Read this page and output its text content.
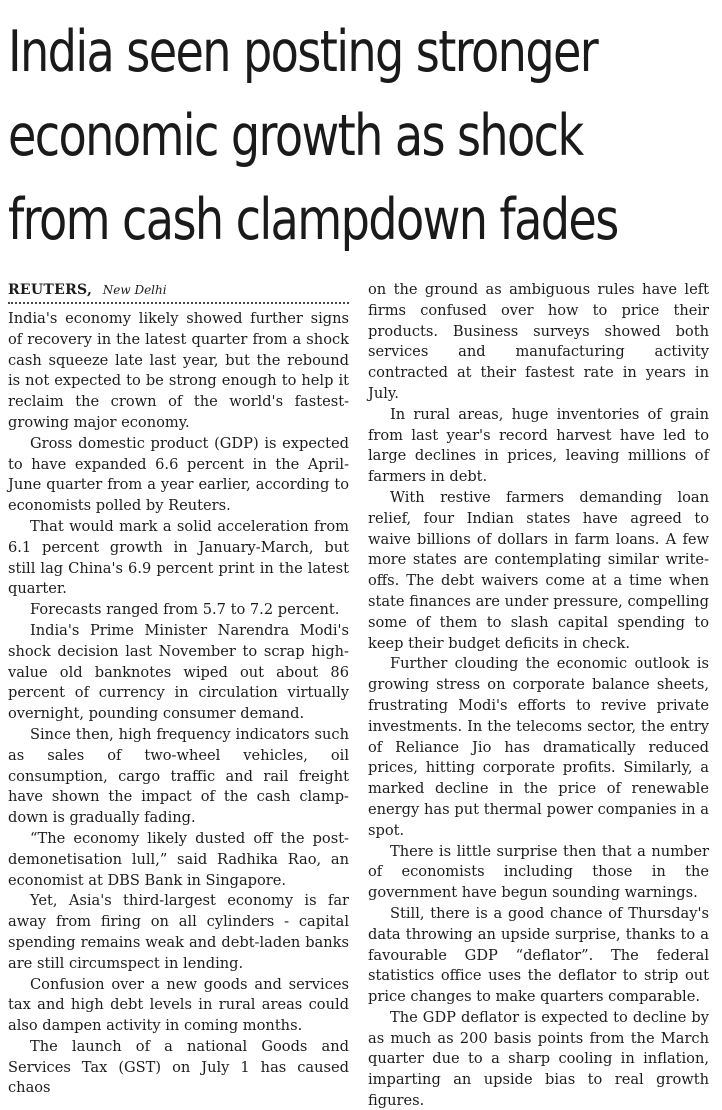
India seen posting stronger
economic growth as shock
from cash clampdown fades
REUTERS, New Delhi

India's economy likely showed further signs of recovery in the latest quarter from a shock cash squeeze late last year, but the rebound is not expected to be strong enough to help it reclaim the crown of the world's fastest-growing major economy.

Gross domestic product (GDP) is expected to have expanded 6.6 percent in the April-June quarter from a year earlier, according to economists polled by Reuters.

That would mark a solid acceleration from 6.1 percent growth in January-March, but still lag China's 6.9 percent print in the latest quarter.

Forecasts ranged from 5.7 to 7.2 percent.

India's Prime Minister Narendra Modi's shock decision last November to scrap high-value old banknotes wiped out about 86 percent of currency in circulation virtually overnight, pounding consumer demand.

Since then, high frequency indicators such as sales of two-wheel vehicles, oil consumption, cargo traffic and rail freight have shown the impact of the cash clamp-down is gradually fading.

“The economy likely dusted off the post-demonetisation lull,” said Radhika Rao, an economist at DBS Bank in Singapore.

Yet, Asia's third-largest economy is far away from firing on all cylinders - capital spending remains weak and debt-laden banks are still circumspect in lending.

Confusion over a new goods and services tax and high debt levels in rural areas could also dampen activity in coming months.

The launch of a national Goods and Services Tax (GST) on July 1 has caused chaos

on the ground as ambiguous rules have left firms confused over how to price their products. Business surveys showed both services and manufacturing activity contracted at their fastest rate in years in July.

In rural areas, huge inventories of grain from last year's record harvest have led to large declines in prices, leaving millions of farmers in debt.

With restive farmers demanding loan relief, four Indian states have agreed to waive billions of dollars in farm loans. A few more states are contemplating similar write-offs. The debt waivers come at a time when state finances are under pressure, compelling some of them to slash capital spending to keep their budget deficits in check.

Further clouding the economic outlook is growing stress on corporate balance sheets, frustrating Modi's efforts to revive private investments. In the telecoms sector, the entry of Reliance Jio has dramatically reduced prices, hitting corporate profits. Similarly, a marked decline in the price of renewable energy has put thermal power companies in a spot.

There is little surprise then that a number of economists including those in the government have begun sounding warnings.

Still, there is a good chance of Thursday's data throwing an upside surprise, thanks to a favourable GDP “deflator”. The federal statistics office uses the deflator to strip out price changes to make quarters comparable.

The GDP deflator is expected to decline by as much as 200 basis points from the March quarter due to a sharp cooling in inflation, imparting an upside bias to real growth figures.
